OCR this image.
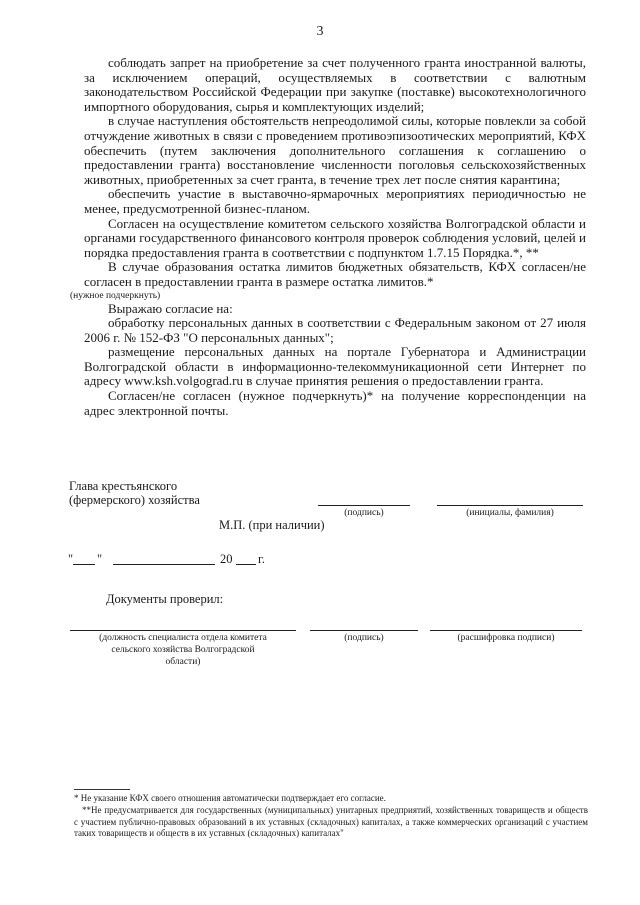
3

соблюдать запрет на приобретение за счет полученного гранта иностранной валюты, за исключением операций, осуществляемых в соответствии с валютным законодательством Российской Федерации при закупке (поставке) высокотехнологичного импортного оборудования, сырья и комплектующих изделий;

в случае наступления обстоятельств непреодолимой силы, которые повлекли за собой отчуждение животных в связи с проведением противоэпизоотических мероприятий, КФХ обеспечить (путем заключения дополнительного соглашения к соглашению о предоставлении гранта) восстановление численности поголовья сельскохозяйственных животных, приобретенных за счет гранта, в течение трех лет после снятия карантина;

обеспечить участие в выставочно-ярмарочных мероприятиях периодичностью не менее, предусмотренной бизнес-планом.

Согласен на осуществление комитетом сельского хозяйства Волгоградской области и органами государственного финансового контроля проверок соблюдения условий, целей и порядка предоставления гранта в соответствии с подпунктом 1.7.15 Порядка.*, **

В случае образования остатка лимитов бюджетных обязательств, КФХ согласен/не согласен в предоставлении гранта в размере остатка лимитов.*

(нужное подчеркнуть)

Выражаю согласие на:

обработку персональных данных в соответствии с Федеральным законом от 27 июля 2006 г. № 152-ФЗ "О персональных данных";

размещение персональных данных на портале Губернатора и Администрации Волгоградской области в информационно-телекоммуникационной сети Интернет по адресу www.ksh.volgograd.ru в случае принятия решения о предоставлении гранта.

Согласен/не согласен (нужное подчеркнуть)* на получение корреспонденции на адрес электронной почты.

Глава крестьянского
(фермерского) хозяйства
(подпись)	(инициалы, фамилия)
М.П. (при наличии)
" "	20 г.
Документы проверил:
(должность специалиста отдела комитета
сельского хозяйства Волгоградской
области)
(подпись)	(расшифровка подписи)
* Не указание КФХ своего отношения автоматически подтверждает его согласие.
**Не предусматривается для государственных (муниципальных) унитарных предприятий, хозяйственных товариществ и обществ с участием публично-правовых образований в их уставных (складочных) капиталах, а также коммерческих организаций с участием таких товариществ и обществ в их уставных (складочных) капиталах"
